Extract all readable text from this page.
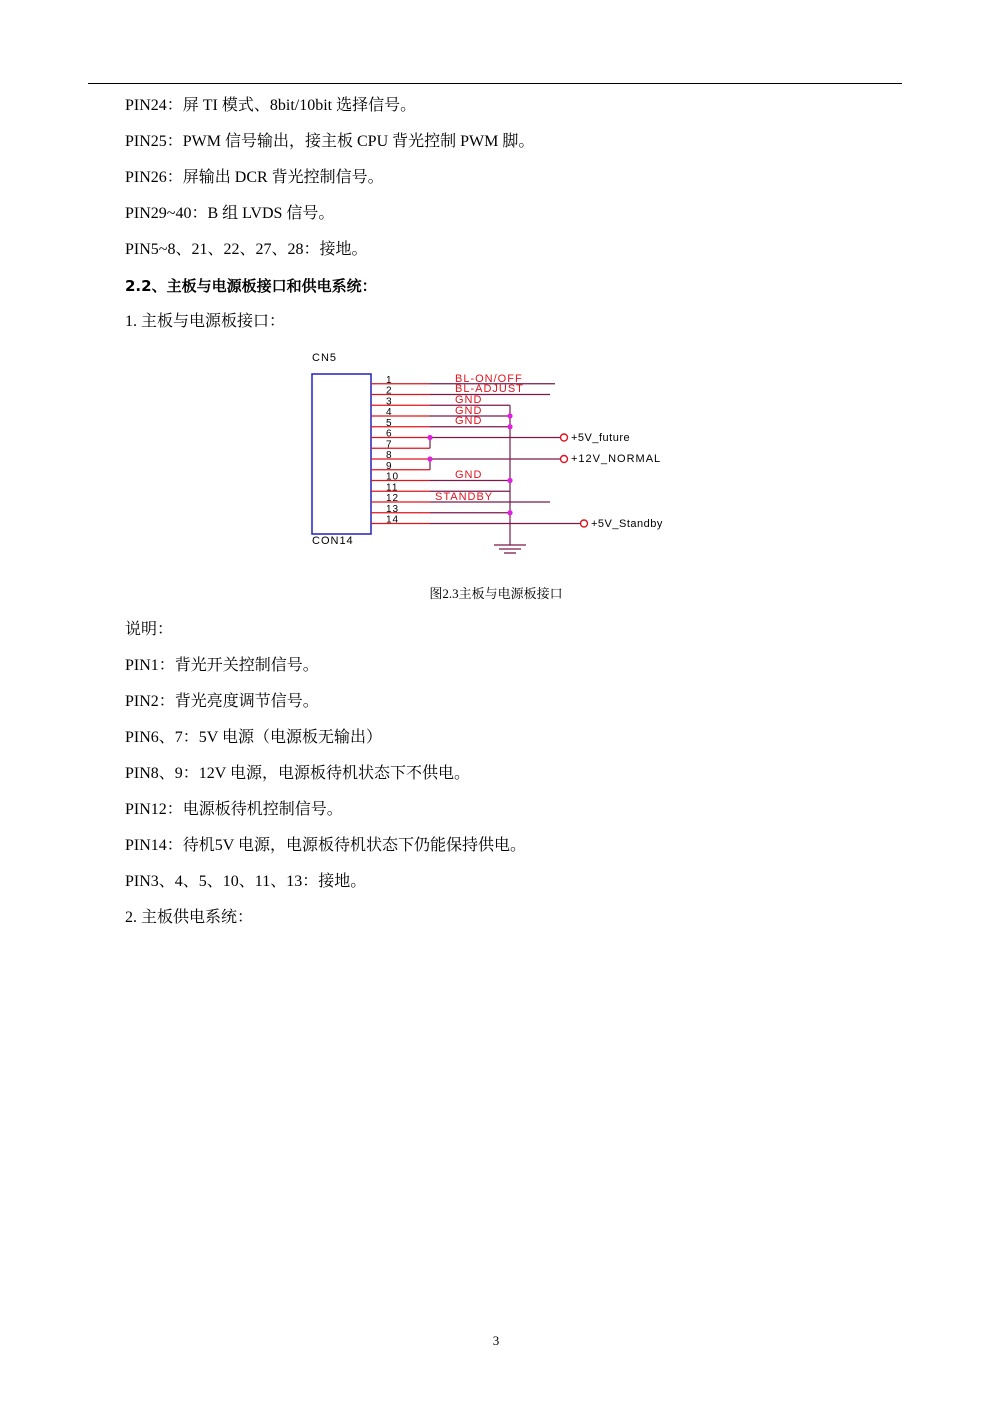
PIN24：屏 TI 模式、8bit/10bit 选择信号。
PIN25：PWM 信号输出，接主板 CPU 背光控制 PWM 脚。
PIN26：屏输出 DCR 背光控制信号。
PIN29~40：B 组 LVDS 信号。
PIN5~8、21、22、27、28：接地。
2.2、主板与电源板接口和供电系统：
1. 主板与电源板接口：
CN5
CON14
1
2
3
4
5
6
7
8
9
10
11
12
13
14
BL-ON/OFF
BL-ADJUST
GND
GND
GND
GND
STANDBY
+5V_future
+12V_NORMAL
+5V_Standby
图2.3主板与电源板接口
说明：
PIN1：背光开关控制信号。
PIN2：背光亮度调节信号。
PIN6、7：5V 电源（电源板无输出）
PIN8、9：12V 电源，电源板待机状态下不供电。
PIN12：电源板待机控制信号。
PIN14：待机5V 电源，电源板待机状态下仍能保持供电。
PIN3、4、5、10、11、13：接地。
2. 主板供电系统：
3
